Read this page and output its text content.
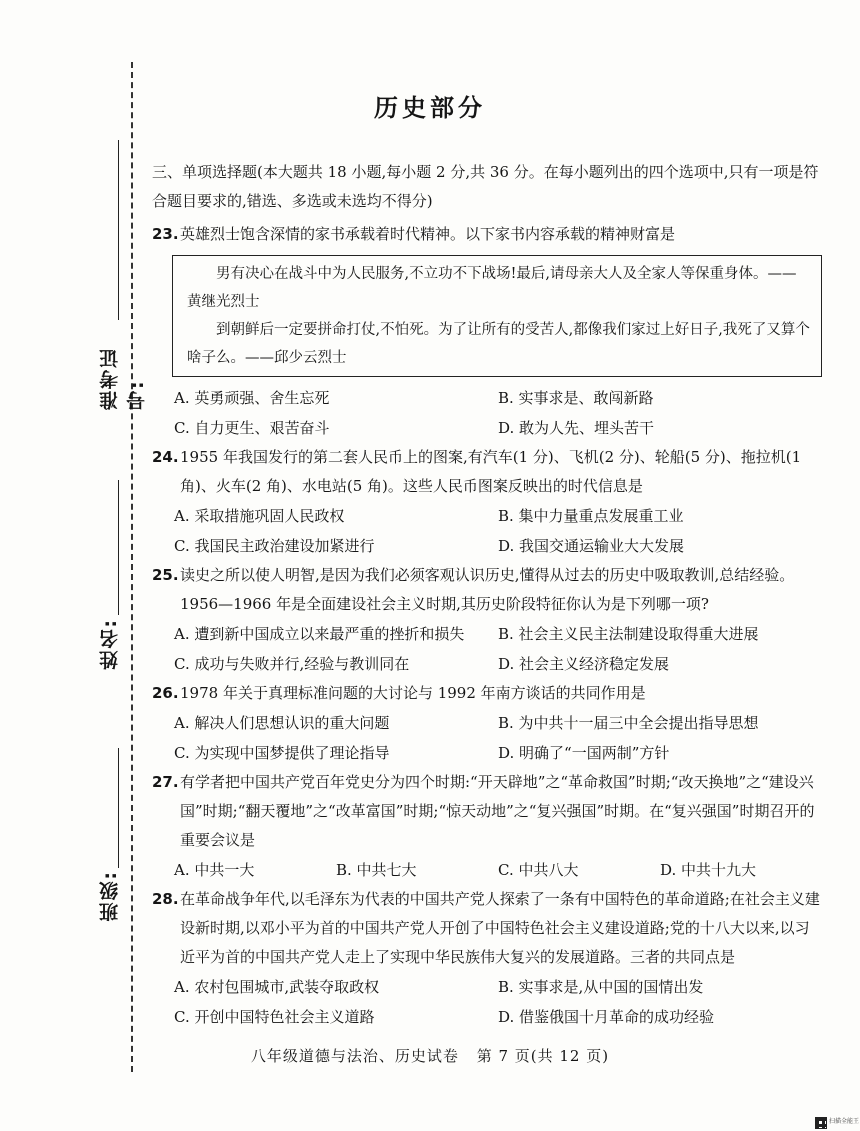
准考证号:
姓名:
班级:
历史部分
三、单项选择题(本大题共 18 小题,每小题 2 分,共 36 分。在每小题列出的四个选项中,只有一项是符合题目要求的,错选、多选或未选均不得分)
23. 英雄烈士饱含深情的家书承载着时代精神。以下家书内容承载的精神财富是

男有决心在战斗中为人民服务,不立功不下战场!最后,请母亲大人及全家人等保重身体。——黄继光烈士

到朝鲜后一定要拼命打仗,不怕死。为了让所有的受苦人,都像我们家过上好日子,我死了又算个啥子么。——邱少云烈士

A. 英勇顽强、舍生忘死	B. 实事求是、敢闯新路
C. 自力更生、艰苦奋斗	D. 敢为人先、埋头苦干
24. 1955 年我国发行的第二套人民币上的图案,有汽车(1 分)、飞机(2 分)、轮船(5 分)、拖拉机(1 角)、火车(2 角)、水电站(5 角)。这些人民币图案反映出的时代信息是
A. 采取措施巩固人民政权	B. 集中力量重点发展重工业
C. 我国民主政治建设加紧进行	D. 我国交通运输业大大发展
25. 读史之所以使人明智,是因为我们必须客观认识历史,懂得从过去的历史中吸取教训,总结经验。1956—1966 年是全面建设社会主义时期,其历史阶段特征你认为是下列哪一项?
A. 遭到新中国成立以来最严重的挫折和损失	B. 社会主义民主法制建设取得重大进展
C. 成功与失败并行,经验与教训同在	D. 社会主义经济稳定发展
26. 1978 年关于真理标准问题的大讨论与 1992 年南方谈话的共同作用是
A. 解决人们思想认识的重大问题	B. 为中共十一届三中全会提出指导思想
C. 为实现中国梦提供了理论指导	D. 明确了“一国两制”方针
27. 有学者把中国共产党百年党史分为四个时期:“开天辟地”之“革命救国”时期;“改天换地”之“建设兴国”时期;“翻天覆地”之“改革富国”时期;“惊天动地”之“复兴强国”时期。在“复兴强国”时期召开的重要会议是
A. 中共一大	B. 中共七大	C. 中共八大	D. 中共十九大
28. 在革命战争年代,以毛泽东为代表的中国共产党人探索了一条有中国特色的革命道路;在社会主义建设新时期,以邓小平为首的中国共产党人开创了中国特色社会主义建设道路;党的十八大以来,以习近平为首的中国共产党人走上了实现中华民族伟大复兴的发展道路。三者的共同点是
A. 农村包围城市,武装夺取政权	B. 实事求是,从中国的国情出发
C. 开创中国特色社会主义道路	D. 借鉴俄国十月革命的成功经验
八年级道德与法治、历史试卷 第 7 页(共 12 页)
扫描全能王
